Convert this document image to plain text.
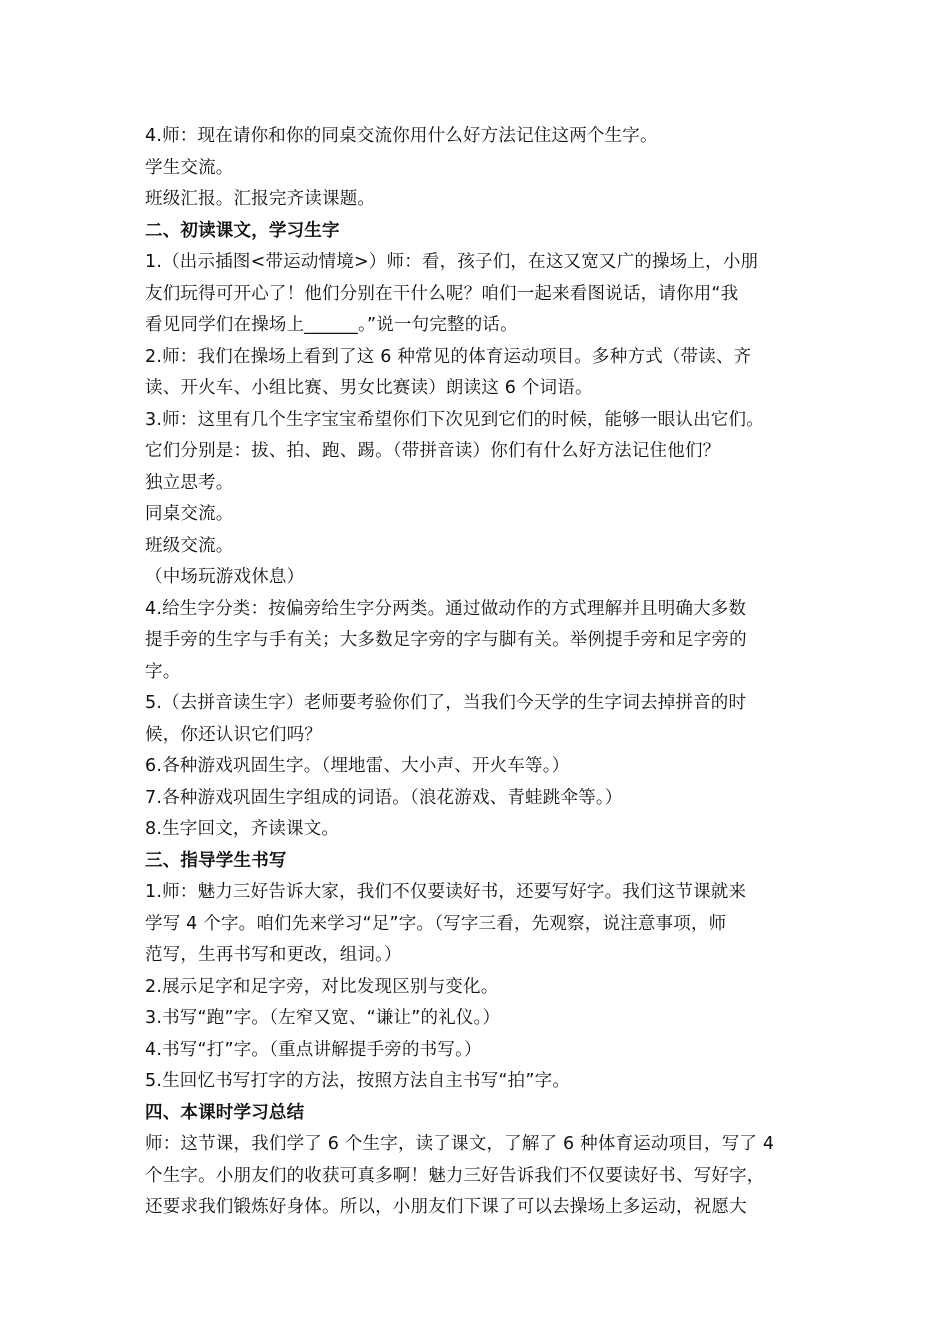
4.师：现在请你和你的同桌交流你用什么好方法记住这两个生字。
学生交流。
班级汇报。汇报完齐读课题。
二、初读课文，学习生字
1.（出示插图<带运动情境>）师：看，孩子们，在这又宽又广的操场上，小朋
友们玩得可开心了！他们分别在干什么呢？咱们一起来看图说话，请你用“我
看见同学们在操场上______。”说一句完整的话。
2.师：我们在操场上看到了这 6 种常见的体育运动项目。多种方式（带读、齐
读、开火车、小组比赛、男女比赛读）朗读这 6 个词语。
3.师：这里有几个生字宝宝希望你们下次见到它们的时候，能够一眼认出它们。
它们分别是：拔、拍、跑、踢。（带拼音读）你们有什么好方法记住他们？
独立思考。
同桌交流。
班级交流。
（中场玩游戏休息）
4.给生字分类：按偏旁给生字分两类。通过做动作的方式理解并且明确大多数
提手旁的生字与手有关；大多数足字旁的字与脚有关。举例提手旁和足字旁的
字。
5.（去拼音读生字）老师要考验你们了，当我们今天学的生字词去掉拼音的时
候，你还认识它们吗？
6.各种游戏巩固生字。（埋地雷、大小声、开火车等。）
7.各种游戏巩固生字组成的词语。（浪花游戏、青蛙跳伞等。）
8.生字回文，齐读课文。
三、指导学生书写
1.师：魅力三好告诉大家，我们不仅要读好书，还要写好字。我们这节课就来
学写 4 个字。咱们先来学习“足”字。（写字三看，先观察，说注意事项，师
范写，生再书写和更改，组词。）
2.展示足字和足字旁，对比发现区别与变化。
3.书写“跑”字。（左窄又宽、“谦让”的礼仪。）
4.书写“打”字。（重点讲解提手旁的书写。）
5.生回忆书写打字的方法，按照方法自主书写“拍”字。
四、本课时学习总结
师：这节课，我们学了 6 个生字，读了课文，了解了 6 种体育运动项目，写了 4
个生字。小朋友们的收获可真多啊！魅力三好告诉我们不仅要读好书、写好字，
还要求我们锻炼好身体。所以，小朋友们下课了可以去操场上多运动，祝愿大
